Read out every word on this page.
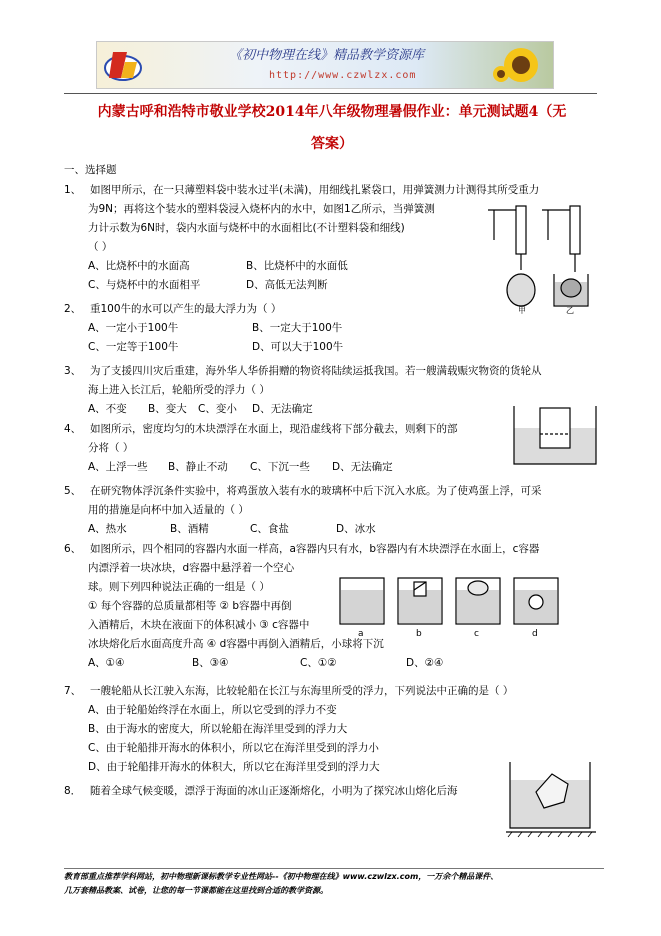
《初中物理在线》精品教学资源库
http://www.czwlzx.com
内蒙古呼和浩特市敬业学校2014年八年级物理暑假作业：单元测试题4（无
答案）
一、选择题
1、 如图甲所示，在一只薄塑料袋中装水过半(未满)，用细线扎紧袋口，用弹簧测力计测得其所受重力
为9N；再将这个装水的塑料袋浸入烧杯内的水中，如图1乙所示，当弹簧测
力计示数为6N时，袋内水面与烧杯中的水面相比(不计塑料袋和细线)
（ ）
A、比烧杯中的水面高	B、比烧杯中的水面低
C、与烧杯中的水面相平	D、高低无法判断
甲	乙
2、 重100牛的水可以产生的最大浮力为（ ）
A、一定小于100牛	B、一定大于100牛
C、一定等于100牛	D、可以大于100牛
3、 为了支援四川灾后重建，海外华人华侨捐赠的物资将陆续运抵我国。若一艘满载赈灾物资的货轮从
海上进入长江后，轮船所受的浮力（ ）
A、不变 B、变大 C、变小 D、无法确定
4、 如图所示，密度均匀的木块漂浮在水面上，现沿虚线将下部分截去，则剩下的部
分将（ ）
A、上浮一些 B、静止不动 C、下沉一些 D、无法确定
5、 在研究物体浮沉条件实验中，将鸡蛋放入装有水的玻璃杯中后下沉入水底。为了使鸡蛋上浮，可采
用的措施是向杯中加入适量的（ ）
A、热水	B、酒精	C、食盐	D、冰水
6、 如图所示，四个相同的容器内水面一样高，a容器内只有水，b容器内有木块漂浮在水面上，c容器
内漂浮着一块冰块，d容器中悬浮着一个空心
球。则下列四种说法正确的一组是（ ）
① 每个容器的总质量都相等 ② b容器中再倒
入酒精后，木块在液面下的体积减小 ③ c容器中
冰块熔化后水面高度升高 ④ d容器中再倒入酒精后，小球将下沉
A、①④	B、③④	C、①②	D、②④
a	b	c	d
7、 一艘轮船从长江驶入东海，比较轮船在长江与东海里所受的浮力，下列说法中正确的是（ ）
A、由于轮船始终浮在水面上，所以它受到的浮力不变
B、由于海水的密度大，所以轮船在海洋里受到的浮力大
C、由于轮船排开海水的体积小，所以它在海洋里受到的浮力小
D、由于轮船排开海水的体积大，所以它在海洋里受到的浮力大
8． 随着全球气候变暖，漂浮于海面的冰山正逐渐熔化，小明为了探究冰山熔化后海
教育部重点推荐学科网站，初中物理新课标教学专业性网站--《初中物理在线》www.czwlzx.com，一万余个精品课件、
几万套精品教案、试卷，让您的每一节课都能在这里找到合适的教学资源。
